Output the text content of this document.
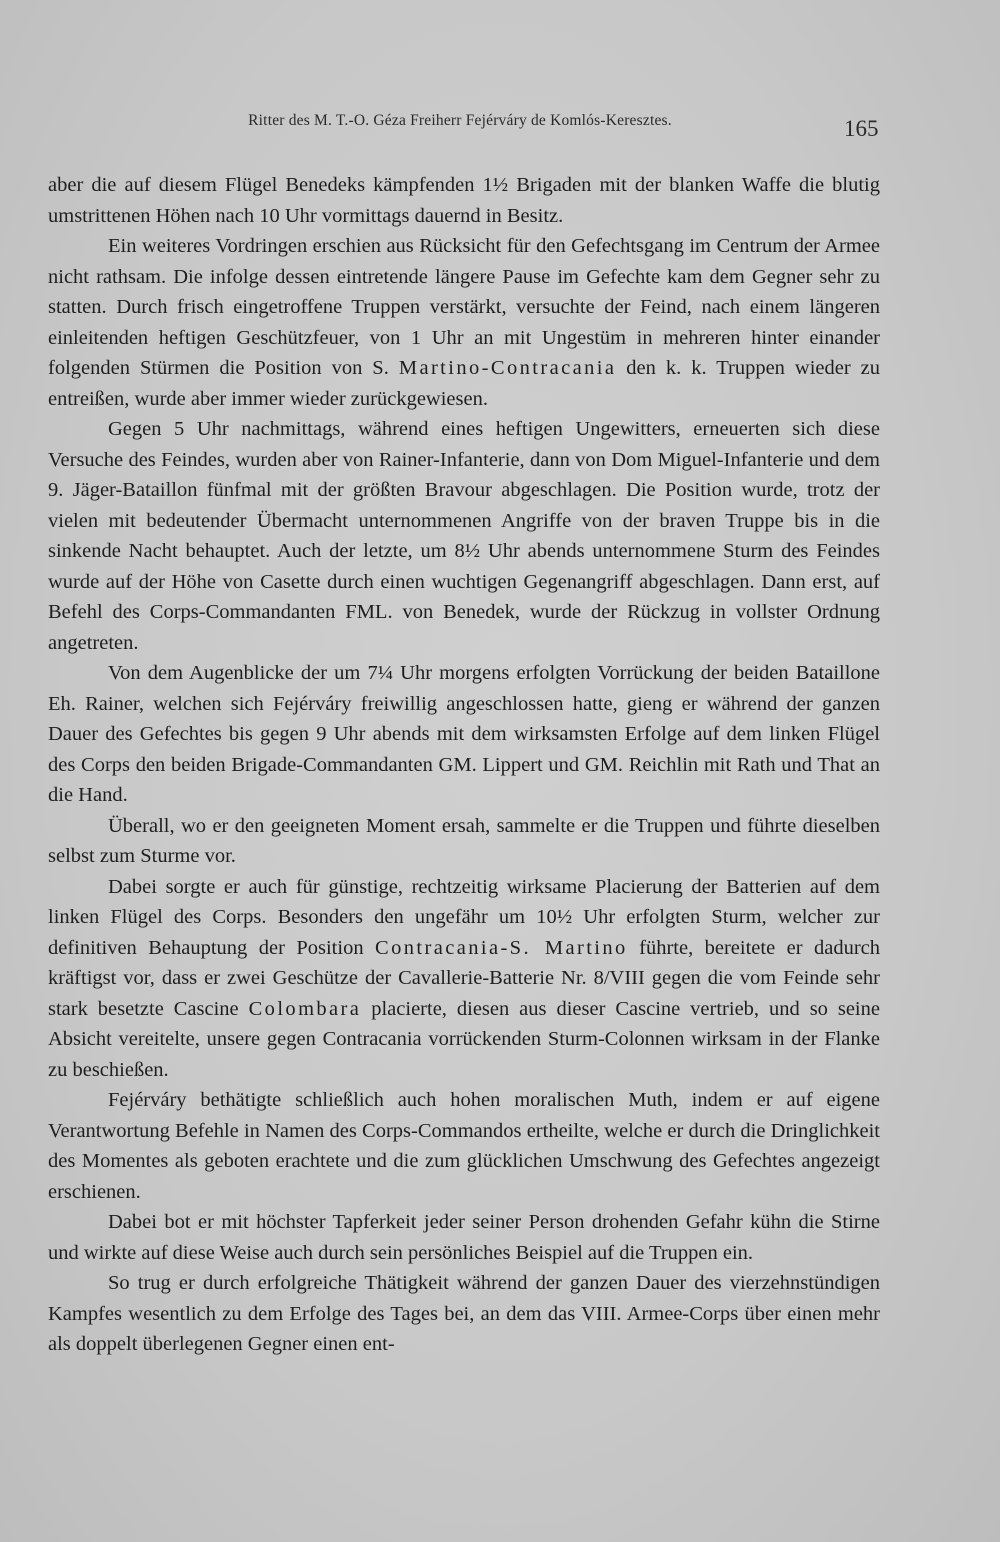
Ritter des M. T.-O. Géza Freiherr Fejérváry de Komlós-Keresztes.	165

aber die auf diesem Flügel Benedeks kämpfenden 1½ Brigaden mit der blanken Waffe die blutig umstrittenen Höhen nach 10 Uhr vormittags dauernd in Besitz.

Ein weiteres Vordringen erschien aus Rücksicht für den Gefechtsgang im Centrum der Armee nicht rathsam. Die infolge dessen eintretende längere Pause im Gefechte kam dem Gegner sehr zu statten. Durch frisch eingetroffene Truppen verstärkt, versuchte der Feind, nach einem längeren einleitenden heftigen Geschützfeuer, von 1 Uhr an mit Ungestüm in mehreren hinter einander folgenden Stürmen die Position von S. Martino-Contracania den k. k. Truppen wieder zu entreißen, wurde aber immer wieder zurückgewiesen.

Gegen 5 Uhr nachmittags, während eines heftigen Ungewitters, erneuerten sich diese Versuche des Feindes, wurden aber von Rainer-Infanterie, dann von Dom Miguel-Infanterie und dem 9. Jäger-Bataillon fünfmal mit der größten Bravour abgeschlagen. Die Position wurde, trotz der vielen mit bedeutender Übermacht unternommenen Angriffe von der braven Truppe bis in die sinkende Nacht behauptet. Auch der letzte, um 8½ Uhr abends unternommene Sturm des Feindes wurde auf der Höhe von Casette durch einen wuchtigen Gegenangriff abgeschlagen. Dann erst, auf Befehl des Corps-Commandanten FML. von Benedek, wurde der Rückzug in vollster Ordnung angetreten.

Von dem Augenblicke der um 7¼ Uhr morgens erfolgten Vorrückung der beiden Bataillone Eh. Rainer, welchen sich Fejérváry freiwillig angeschlossen hatte, gieng er während der ganzen Dauer des Gefechtes bis gegen 9 Uhr abends mit dem wirksamsten Erfolge auf dem linken Flügel des Corps den beiden Brigade-Commandanten GM. Lippert und GM. Reichlin mit Rath und That an die Hand.

Überall, wo er den geeigneten Moment ersah, sammelte er die Truppen und führte dieselben selbst zum Sturme vor.

Dabei sorgte er auch für günstige, rechtzeitig wirksame Placierung der Batterien auf dem linken Flügel des Corps. Besonders den ungefähr um 10½ Uhr erfolgten Sturm, welcher zur definitiven Behauptung der Position Contracania-S. Martino führte, bereitete er dadurch kräftigst vor, dass er zwei Geschütze der Cavallerie-Batterie Nr. 8/VIII gegen die vom Feinde sehr stark besetzte Cascine Colombara placierte, diesen aus dieser Cascine vertrieb, und so seine Absicht vereitelte, unsere gegen Contracania vorrückenden Sturm-Colonnen wirksam in der Flanke zu beschießen.

Fejérváry bethätigte schließlich auch hohen moralischen Muth, indem er auf eigene Verantwortung Befehle in Namen des Corps-Commandos ertheilte, welche er durch die Dringlichkeit des Momentes als geboten erachtete und die zum glücklichen Umschwung des Gefechtes angezeigt erschienen.

Dabei bot er mit höchster Tapferkeit jeder seiner Person drohenden Gefahr kühn die Stirne und wirkte auf diese Weise auch durch sein persönliches Beispiel auf die Truppen ein.

So trug er durch erfolgreiche Thätigkeit während der ganzen Dauer des vierzehnstündigen Kampfes wesentlich zu dem Erfolge des Tages bei, an dem das VIII. Armee-Corps über einen mehr als doppelt überlegenen Gegner einen ent-
